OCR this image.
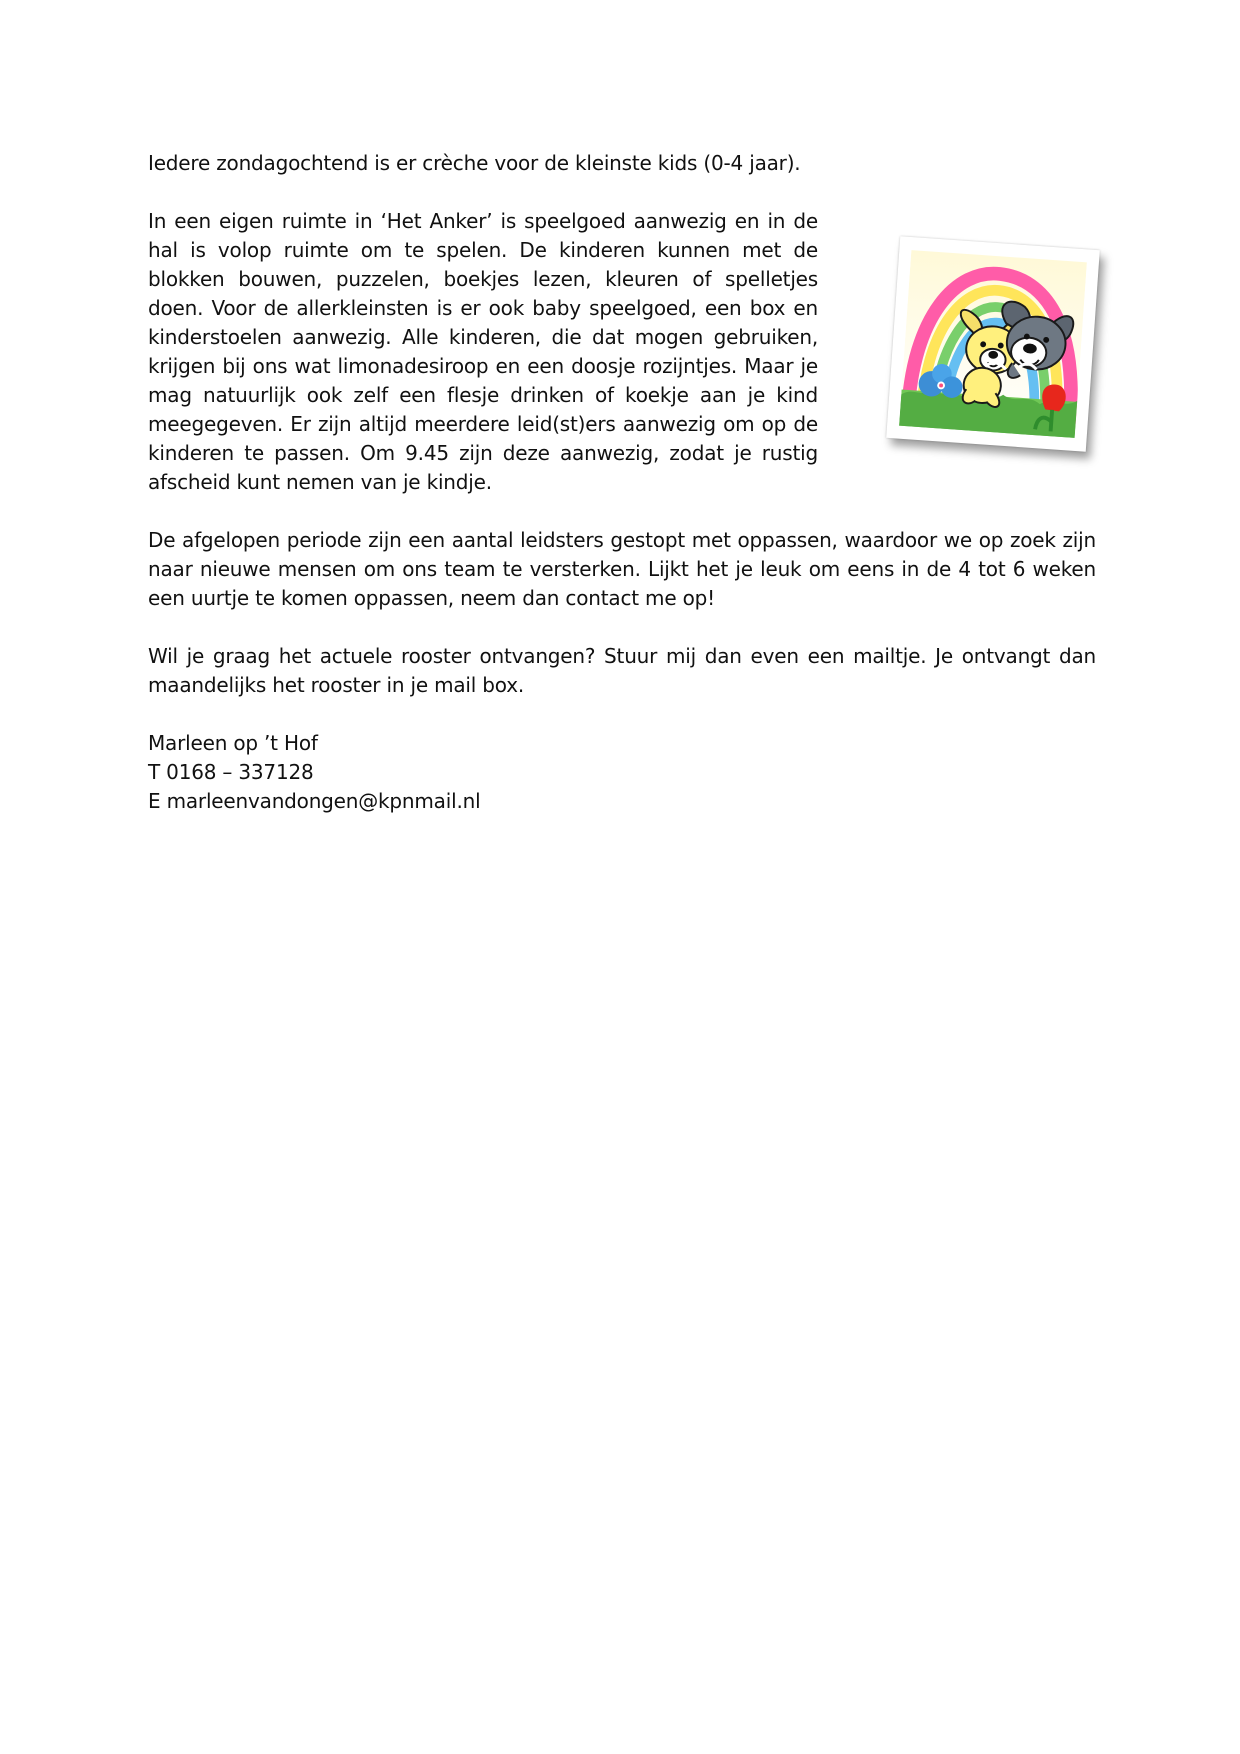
Iedere zondagochtend is er crèche voor de kleinste kids (0-4 jaar).

In een eigen ruimte in ‘Het Anker’ is speelgoed aanwezig en in de hal is volop ruimte om te spelen. De kinderen kunnen met de blokken bouwen, puzzelen, boekjes lezen, kleuren of spelletjes doen. Voor de allerkleinsten is er ook baby speelgoed, een box en kinderstoelen aanwezig. Alle kinderen, die dat mogen gebruiken, krijgen bij ons wat limonadesiroop en een doosje rozijntjes. Maar je mag natuurlijk ook zelf een flesje drinken of koekje aan je kind meegegeven. Er zijn altijd meerdere leid(st)ers aanwezig om op de kinderen te passen. Om 9.45 zijn deze aanwezig, zodat je rustig afscheid kunt nemen van je kindje.

De afgelopen periode zijn een aantal leidsters gestopt met oppassen, waardoor we op zoek zijn naar nieuwe mensen om ons team te versterken. Lijkt het je leuk om eens in de 4 tot 6 weken een uurtje te komen oppassen, neem dan contact me op!

Wil je graag het actuele rooster ontvangen? Stuur mij dan even een mailtje. Je ontvangt dan maandelijks het rooster in je mail box.

Marleen op ’t Hof
T 0168 – 337128
E marleenvandongen@kpnmail.nl
